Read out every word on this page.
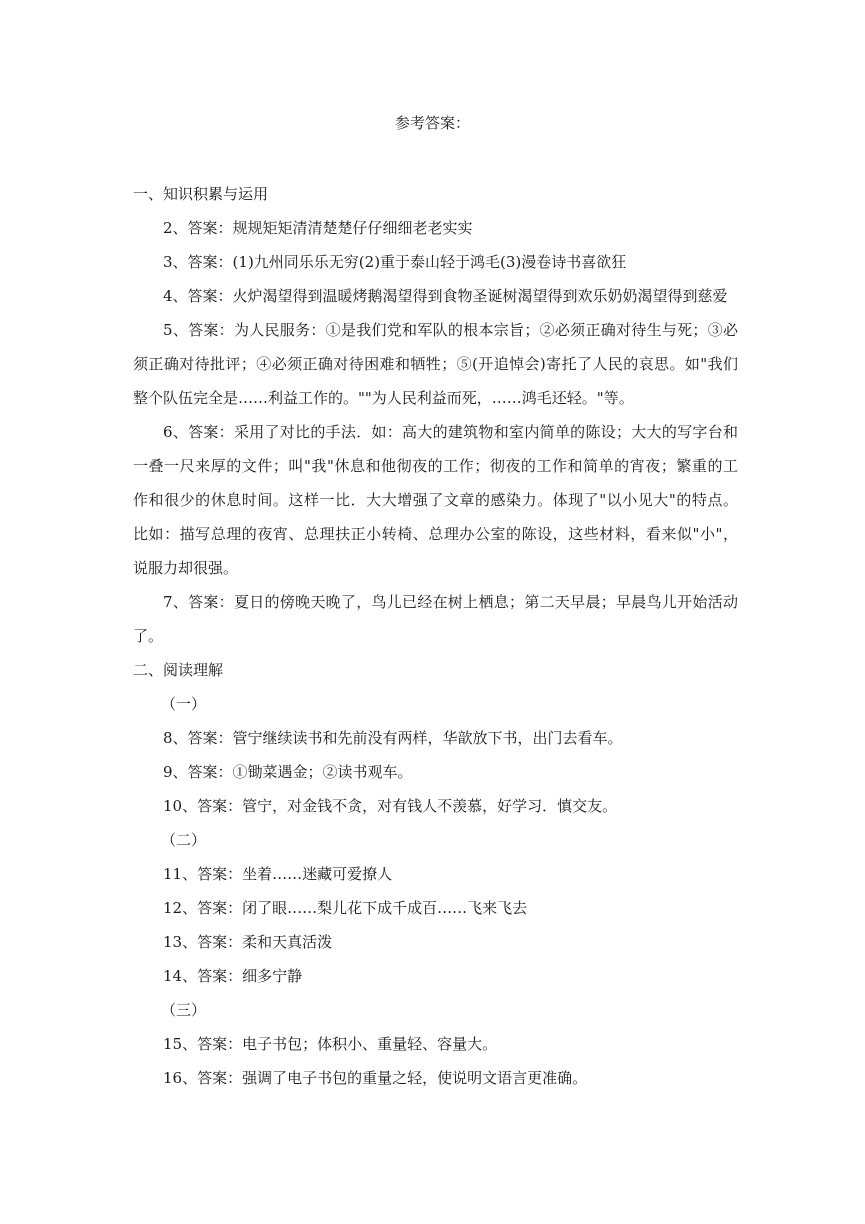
参考答案：
一、知识积累与运用
2、答案：规规矩矩清清楚楚仔仔细细老老实实
3、答案：(1)九州同乐乐无穷(2)重于泰山轻于鸿毛(3)漫卷诗书喜欲狂
4、答案：火炉渴望得到温暖烤鹅渴望得到食物圣诞树渴望得到欢乐奶奶渴望得到慈爱
5、答案：为人民服务：①是我们党和军队的根本宗旨；②必须正确对待生与死；③必
须正确对待批评；④必须正确对待困难和牺牲；⑤(开追悼会)寄托了人民的哀思。如"我们
整个队伍完全是……利益工作的。""为人民利益而死，……鸿毛还轻。"等。
6、答案：采用了对比的手法．如：高大的建筑物和室内简单的陈设；大大的写字台和
一叠一尺来厚的文件；叫"我"休息和他彻夜的工作；彻夜的工作和简单的宵夜；繁重的工
作和很少的休息时间。这样一比．大大增强了文章的感染力。体现了"以小见大"的特点。
比如：描写总理的夜宵、总理扶正小转椅、总理办公室的陈设，这些材料，看来似"小"，
说服力却很强。
7、答案：夏日的傍晚天晚了，鸟儿已经在树上栖息；第二天早晨；早晨鸟儿开始活动
了。
二、阅读理解
（一）
8、答案：管宁继续读书和先前没有两样，华歆放下书，出门去看车。
9、答案：①锄菜遇金；②读书观车。
10、答案：管宁，对金钱不贪，对有钱人不羡慕，好学习．慎交友。
（二）
11、答案：坐着……迷藏可爱撩人
12、答案：闭了眼……梨儿花下成千成百……飞来飞去
13、答案：柔和天真活泼
14、答案：细多宁静
（三）
15、答案：电子书包；体积小、重量轻、容量大。
16、答案：强调了电子书包的重量之轻，使说明文语言更准确。
